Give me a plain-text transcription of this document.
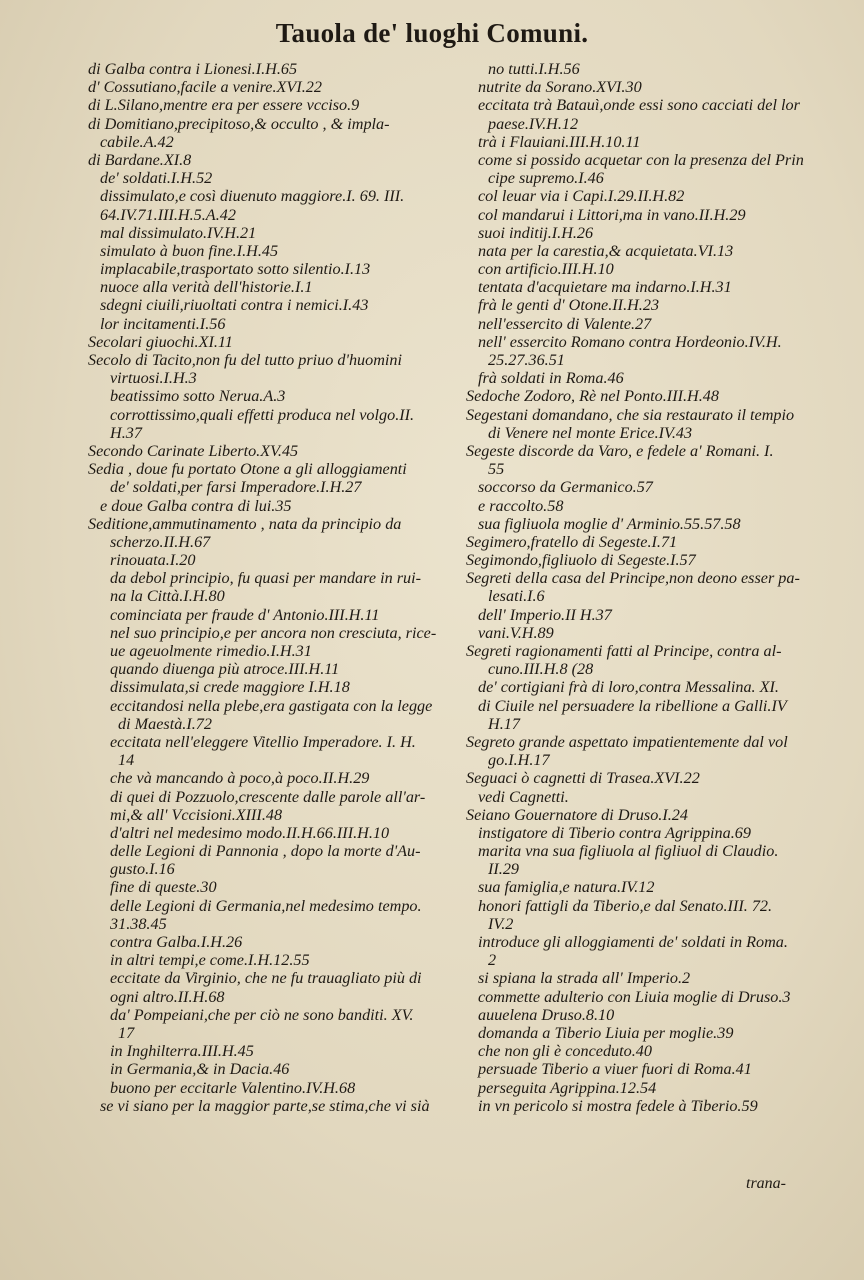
Tauola de' luoghi Comuni.
di Galba contra i Lionesi.I.H.65
d' Cossutiano,facile a venire.XVI.22
di L.Silano,mentre era per essere vcciso.9
di Domitiano,precipitoso,& occulto , & impla-
cabile.A.42
di Bardane.XI.8
de' soldati.I.H.52
dissimulato,e così diuenuto maggiore.I. 69. III.
64.IV.71.III.H.5.A.42
mal dissimulato.IV.H.21
simulato à buon fine.I.H.45
implacabile,trasportato sotto silentio.I.13
nuoce alla verità dell'historie.I.1
sdegni ciuili,riuoltati contra i nemici.I.43
lor incitamenti.I.56
Secolari giuochi.XI.11
Secolo di Tacito,non fu del tutto priuo d'huomini
virtuosi.I.H.3
beatissimo sotto Nerua.A.3
corrottissimo,quali effetti produca nel volgo.II.
H.37
Secondo Carinate Liberto.XV.45
Sedia , doue fu portato Otone a gli alloggiamenti
de' soldati,per farsi Imperadore.I.H.27
e doue Galba contra di lui.35
Seditione,ammutinamento , nata da principio da
scherzo.II.H.67
rinouata.I.20
da debol principio, fu quasi per mandare in rui-
na la Città.I.H.80
cominciata per fraude d' Antonio.III.H.11
nel suo principio,e per ancora non cresciuta, rice-
ue ageuolmente rimedio.I.H.31
quando diuenga più atroce.III.H.11
dissimulata,si crede maggiore I.H.18
eccitandosi nella plebe,era gastigata con la legge
di Maestà.I.72
eccitata nell'eleggere Vitellio Imperadore. I. H.
14
che và mancando à poco,à poco.II.H.29
di quei di Pozzuolo,crescente dalle parole all'ar-
mi,& all' Vccisioni.XIII.48
d'altri nel medesimo modo.II.H.66.III.H.10
delle Legioni di Pannonia , dopo la morte d'Au-
gusto.I.16
fine di queste.30
delle Legioni di Germania,nel medesimo tempo.
31.38.45
contra Galba.I.H.26
in altri tempi,e come.I.H.12.55
eccitate da Virginio, che ne fu trauagliato più di
ogni altro.II.H.68
da' Pompeiani,che per ciò ne sono banditi. XV.
17
in Inghilterra.III.H.45
in Germania,& in Dacia.46
buono per eccitarle Valentino.IV.H.68
se vi siano per la maggior parte,se stima,che vi sià
no tutti.I.H.56
nutrite da Sorano.XVI.30
eccitata trà Batauì,onde essi sono cacciati del lor
paese.IV.H.12
trà i Flauiani.III.H.10.11
come si possido acquetar con la presenza del Prin
cipe supremo.I.46
col leuar via i Capi.I.29.II.H.82
col mandarui i Littori,ma in vano.II.H.29
suoi inditij.I.H.26
nata per la carestia,& acquietata.VI.13
con artificio.III.H.10
tentata d'acquietare ma indarno.I.H.31
frà le genti d' Otone.II.H.23
nell'essercito di Valente.27
nell' essercito Romano contra Hordeonio.IV.H.
25.27.36.51
frà soldati in Roma.46
Sedoche Zodoro, Rè nel Ponto.III.H.48
Segestani domandano, che sia restaurato il tempio
di Venere nel monte Erice.IV.43
Segeste discorde da Varo, e fedele a' Romani. I.
55
soccorso da Germanico.57
e raccolto.58
sua figliuola moglie d' Arminio.55.57.58
Segimero,fratello di Segeste.I.71
Segimondo,figliuolo di Segeste.I.57
Segreti della casa del Principe,non deono esser pa-
lesati.I.6
dell' Imperio.II H.37
vani.V.H.89
Segreti ragionamenti fatti al Principe, contra al-
cuno.III.H.8 (28
de' cortigiani frà di loro,contra Messalina. XI.
di Ciuile nel persuadere la ribellione a Galli.IV
H.17
Segreto grande aspettato impatientemente dal vol
go.I.H.17
Seguaci ò cagnetti di Trasea.XVI.22
vedi Cagnetti.
Seiano Gouernatore di Druso.I.24
instigatore di Tiberio contra Agrippina.69
marita vna sua figliuola al figliuol di Claudio.
II.29
sua famiglia,e natura.IV.12
honori fattigli da Tiberio,e dal Senato.III. 72.
IV.2
introduce gli alloggiamenti de' soldati in Roma.
2
si spiana la strada all' Imperio.2
commette adulterio con Liuia moglie di Druso.3
auuelena Druso.8.10
domanda a Tiberio Liuia per moglie.39
che non gli è conceduto.40
persuade Tiberio a viuer fuori di Roma.41
perseguita Agrippina.12.54
in vn pericolo si mostra fedele à Tiberio.59
trana-
